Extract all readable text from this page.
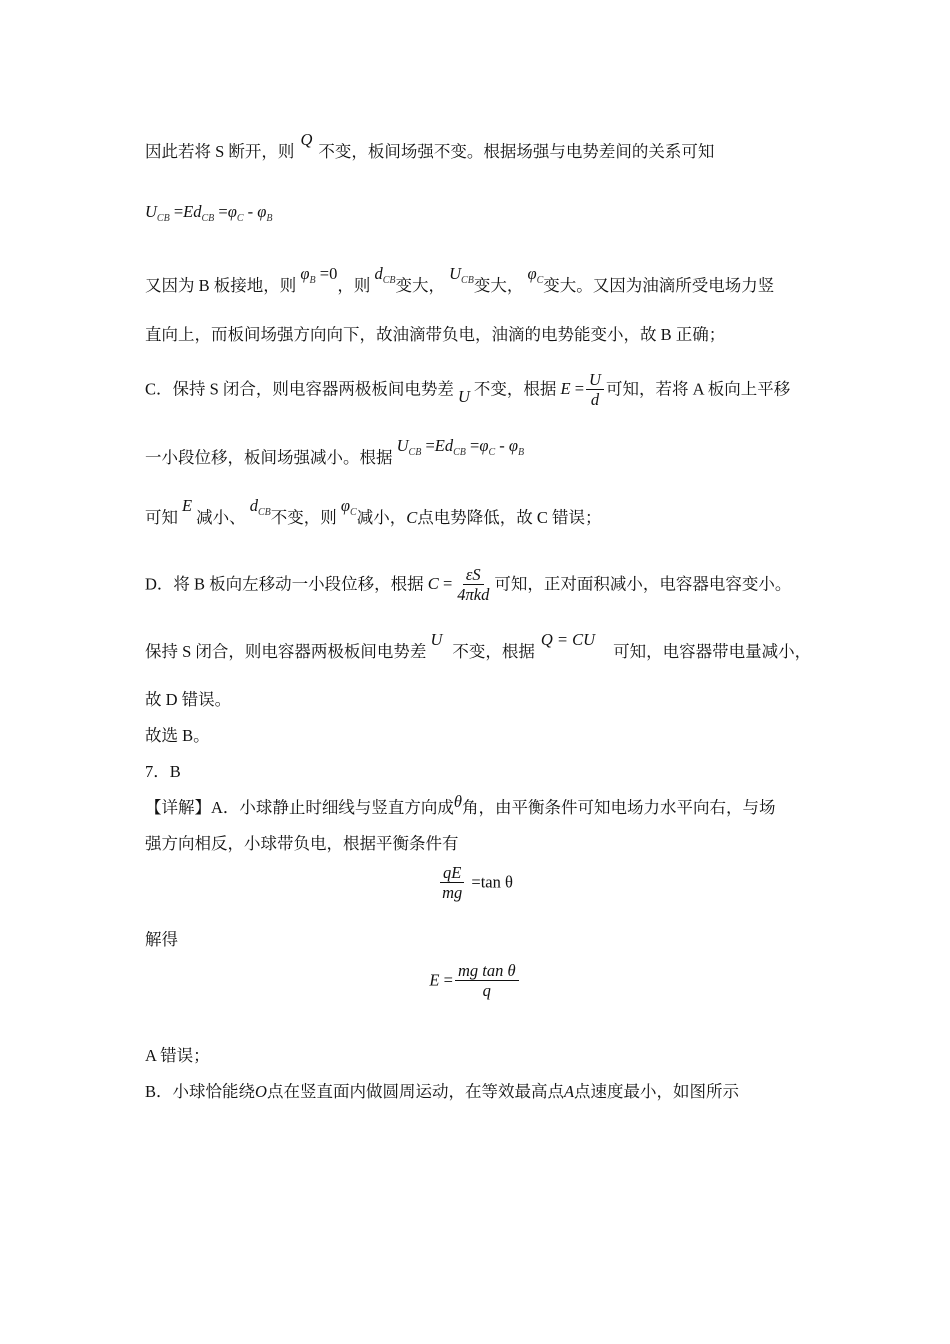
因此若将 S 断开，则Q不变，板间场强不变。根据场强与电势差间的关系可知
$U_{CB} =Ed_{CB} =\varphi_C - \varphi_B$
又因为 B 板接地，则 $\varphi_B =0$，则 $d_{CB}$变大， $U_{CB}$变大， $\varphi_C$变大。又因为油滴所受电场力竖
直向上，而板间场强方向向下，故油滴带负电，油滴的电势能变小，故 B 正确；
C．保持 S 闭合，则电容器两极板间电势差 U 不变，根据 $E = \frac{U}{d}$ 可知，若将 A 板向上平移
一小段位移，板间场强减小。根据 $U_{CB} =Ed_{CB} =\varphi_C - \varphi_B$
可知E减小、 $d_{CB}$不变，则 $\varphi_C$减小，C点电势降低，故 C 错误；
D．将 B 板向左移动一小段位移，根据 $C = \frac{\varepsilon S}{\text{4πkd}}$ 可知，正对面积减小，电容器电容变小。
保持 S 闭合，则电容器两极板间电势差U不变，根据Q = CU可知，电容器带电量减小，
故 D 错误。
故选 B。
7．B
【详解】A．小球静止时细线与竖直方向成θ角，由平衡条件可知电场力水平向右，与场
强方向相反，小球带负电，根据平衡条件有
$\frac{qE}{mg} =\tan$ θ
解得
$E = \frac{\text{mg tan θ}}{q}$
A 错误；
B．小球恰能绕O点在竖直面内做圆周运动，在等效最高点A点速度最小，如图所示
